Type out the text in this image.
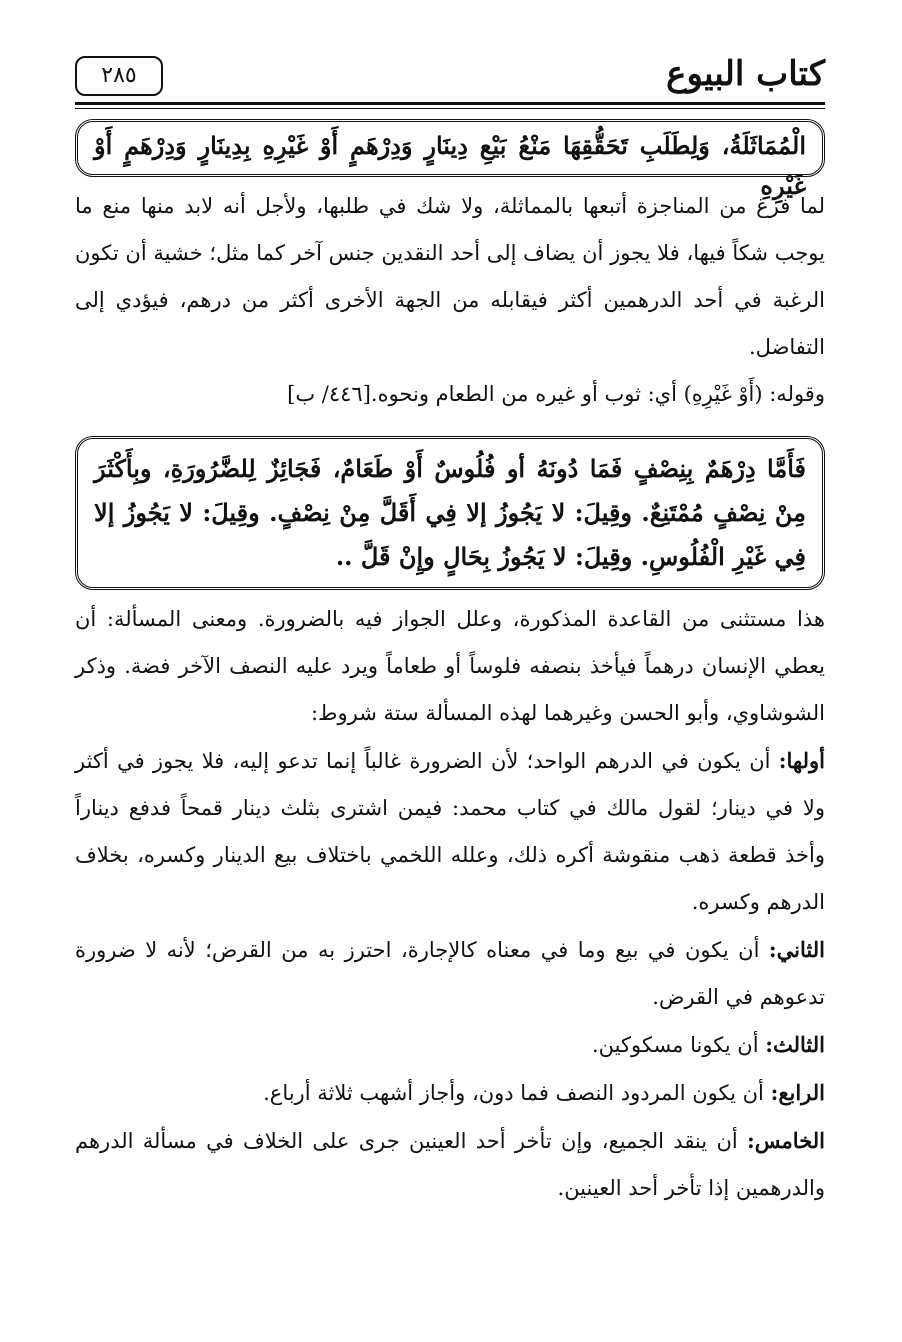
كتاب البيوع
٢٨٥
الْمُمَاثَلَةُ، وَلِطَلَبِ تَحَقُّقِهَا مَنْعُ بَيْعِ دِينَارٍ وَدِرْهَمٍ أَوْ غَيْرِهِ بِدِينَارٍ وَدِرْهَمٍ أَوْ غَيْرِهِ

لما فرغ من المناجزة أتبعها بالمماثلة، ولا شك في طلبها، ولأجل أنه لابد منها منع ما يوجب شكاً فيها، فلا يجوز أن يضاف إلى أحد النقدين جنس آخر كما مثل؛ خشية أن تكون الرغبة في أحد الدرهمين أكثر فيقابله من الجهة الأخرى أكثر من درهم، فيؤدي إلى التفاضل.

وقوله: (أَوْ غَيْرِهِ) أي: ثوب أو غيره من الطعام ونحوه.[٤٤٦/ ب]

فَأَمَّا دِرْهَمٌ بِنِصْفٍ فَمَا دُونَهُ أو فُلُوسٌ أَوْ طَعَامٌ، فَجَائِزٌ لِلضَّرُورَةِ، وبِأَكْثَرَ مِنْ نِصْفٍ مُمْتَنِعٌ. وقِيلَ: لا يَجُوزُ إلا فِي أَقَلَّ مِنْ نِصْفٍ. وقِيلَ: لا يَجُوزُ إلا فِي غَيْرِ الْفُلُوسِ. وقِيلَ: لا يَجُوزُ بِحَالٍ وإِنْ قَلَّ ..

هذا مستثنى من القاعدة المذكورة، وعلل الجواز فيه بالضرورة. ومعنى المسألة: أن يعطي الإنسان درهماً فيأخذ بنصفه فلوساً أو طعاماً ويرد عليه النصف الآخر فضة. وذكر الشوشاوي، وأبو الحسن وغيرهما لهذه المسألة ستة شروط:

أولها: أن يكون في الدرهم الواحد؛ لأن الضرورة غالباً إنما تدعو إليه، فلا يجوز في أكثر ولا في دينار؛ لقول مالك في كتاب محمد: فيمن اشترى بثلث دينار قمحاً فدفع ديناراً وأخذ قطعة ذهب منقوشة أكره ذلك، وعلله اللخمي باختلاف بيع الدينار وكسره، بخلاف الدرهم وكسره.

الثاني: أن يكون في بيع وما في معناه كالإجارة، احترز به من القرض؛ لأنه لا ضرورة تدعوهم في القرض.

الثالث: أن يكونا مسكوكين.

الرابع: أن يكون المردود النصف فما دون، وأجاز أشهب ثلاثة أرباع.

الخامس: أن ينقد الجميع، وإن تأخر أحد العينين جرى على الخلاف في مسألة الدرهم والدرهمين إذا تأخر أحد العينين.
